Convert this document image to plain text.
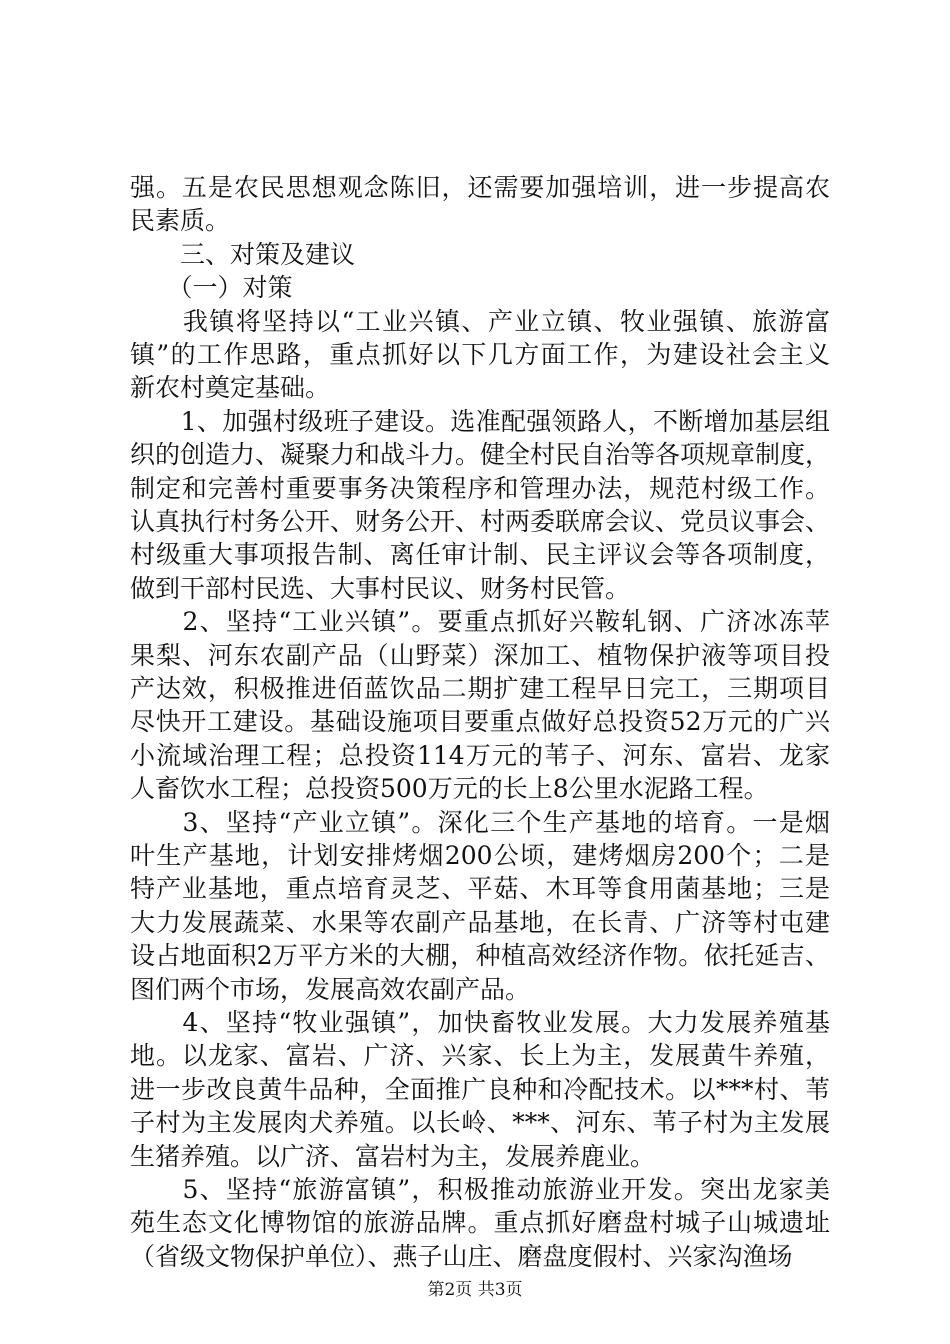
强。五是农民思想观念陈旧，还需要加强培训，进一步提高农
民素质。
　　三、对策及建议
　　（一）对策
　　我镇将坚持以“工业兴镇、产业立镇、牧业强镇、旅游富
镇”的工作思路，重点抓好以下几方面工作，为建设社会主义
新农村奠定基础。
　　1、加强村级班子建设。选准配强领路人，不断增加基层组
织的创造力、凝聚力和战斗力。健全村民自治等各项规章制度，
制定和完善村重要事务决策程序和管理办法，规范村级工作。
认真执行村务公开、财务公开、村两委联席会议、党员议事会、
村级重大事项报告制、离任审计制、民主评议会等各项制度，
做到干部村民选、大事村民议、财务村民管。
　　2、坚持“工业兴镇”。要重点抓好兴鞍轧钢、广济冰冻苹
果梨、河东农副产品（山野菜）深加工、植物保护液等项目投
产达效，积极推进佰蓝饮品二期扩建工程早日完工，三期项目
尽快开工建设。基础设施项目要重点做好总投资52万元的广兴
小流域治理工程；总投资114万元的苇子、河东、富岩、龙家
人畜饮水工程；总投资500万元的长上8公里水泥路工程。
　　3、坚持“产业立镇”。深化三个生产基地的培育。一是烟
叶生产基地，计划安排烤烟200公顷，建烤烟房200个；二是
特产业基地，重点培育灵芝、平菇、木耳等食用菌基地；三是
大力发展蔬菜、水果等农副产品基地，在长青、广济等村屯建
设占地面积2万平方米的大棚，种植高效经济作物。依托延吉、
图们两个市场，发展高效农副产品。
　　4、坚持“牧业强镇”，加快畜牧业发展。大力发展养殖基
地。以龙家、富岩、广济、兴家、长上为主，发展黄牛养殖，
进一步改良黄牛品种，全面推广良种和冷配技术。以***村、苇
子村为主发展肉犬养殖。以长岭、***、河东、苇子村为主发展
生猪养殖。以广济、富岩村为主，发展养鹿业。
　　5、坚持“旅游富镇”，积极推动旅游业开发。突出龙家美
苑生态文化博物馆的旅游品牌。重点抓好磨盘村城子山城遗址
（省级文物保护单位）、燕子山庄、磨盘度假村、兴家沟渔场
第2页 共3页
